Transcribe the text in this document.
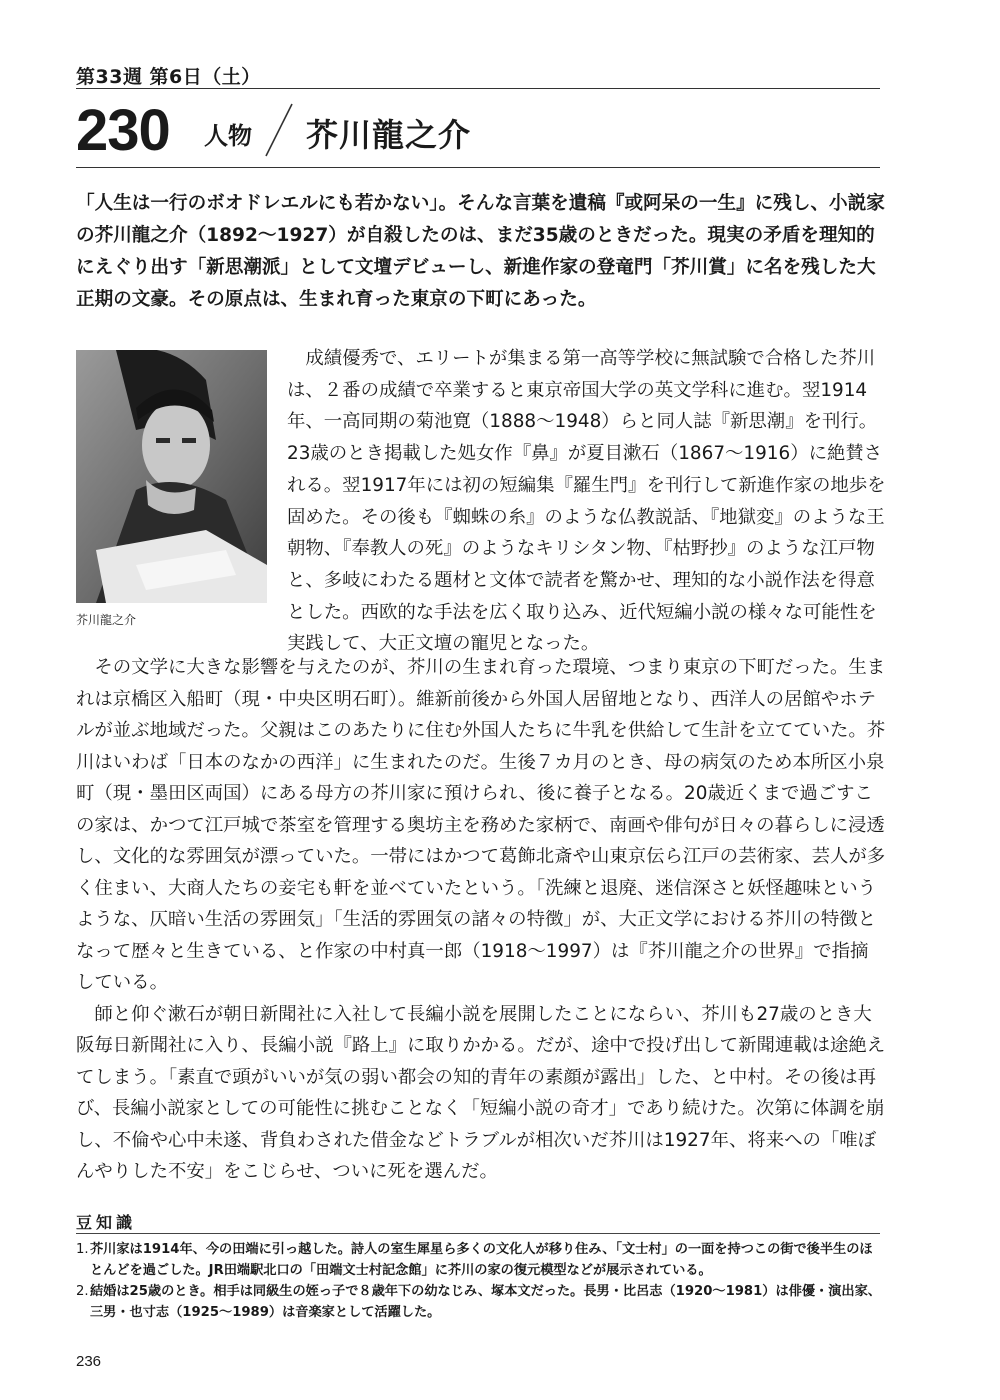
第33週 第6日（土）
230 人物 芥川龍之介
「人生は一行のボオドレエルにも若かない」。そんな言葉を遺稿『或阿呆の一生』に残し、小説家の芥川龍之介（1892〜1927）が自殺したのは、まだ35歳のときだった。現実の矛盾を理知的にえぐり出す「新思潮派」として文壇デビューし、新進作家の登竜門「芥川賞」に名を残した大正期の文豪。その原点は、生まれ育った東京の下町にあった。
芥川龍之介

成績優秀で、エリートが集まる第一高等学校に無試験で合格した芥川は、２番の成績で卒業すると東京帝国大学の英文学科に進む。翌1914年、一高同期の菊池寛（1888〜1948）らと同人誌『新思潮』を刊行。23歳のとき掲載した処女作『鼻』が夏目漱石（1867〜1916）に絶賛される。翌1917年には初の短編集『羅生門』を刊行して新進作家の地歩を固めた。その後も『蜘蛛の糸』のような仏教説話、『地獄変』のような王朝物、『奉教人の死』のようなキリシタン物、『枯野抄』のような江戸物と、多岐にわたる題材と文体で読者を驚かせ、理知的な小説作法を得意とした。西欧的な手法を広く取り込み、近代短編小説の様々な可能性を実践して、大正文壇の寵児となった。

その文学に大きな影響を与えたのが、芥川の生まれ育った環境、つまり東京の下町だった。生まれは京橋区入船町（現・中央区明石町）。維新前後から外国人居留地となり、西洋人の居館やホテルが並ぶ地域だった。父親はこのあたりに住む外国人たちに牛乳を供給して生計を立てていた。芥川はいわば「日本のなかの西洋」に生まれたのだ。生後７カ月のとき、母の病気のため本所区小泉町（現・墨田区両国）にある母方の芥川家に預けられ、後に養子となる。20歳近くまで過ごすこの家は、かつて江戸城で茶室を管理する奥坊主を務めた家柄で、南画や俳句が日々の暮らしに浸透し、文化的な雰囲気が漂っていた。一帯にはかつて葛飾北斎や山東京伝ら江戸の芸術家、芸人が多く住まい、大商人たちの妾宅も軒を並べていたという。「洗練と退廃、迷信深さと妖怪趣味というような、仄暗い生活の雰囲気」「生活的雰囲気の諸々の特徴」が、大正文学における芥川の特徴となって歴々と生きている、と作家の中村真一郎（1918〜1997）は『芥川龍之介の世界』で指摘している。

師と仰ぐ漱石が朝日新聞社に入社して長編小説を展開したことにならい、芥川も27歳のとき大阪毎日新聞社に入り、長編小説『路上』に取りかかる。だが、途中で投げ出して新聞連載は途絶えてしまう。「素直で頭がいいが気の弱い都会の知的青年の素顔が露出」した、と中村。その後は再び、長編小説家としての可能性に挑むことなく「短編小説の奇才」であり続けた。次第に体調を崩し、不倫や心中未遂、背負わされた借金などトラブルが相次いだ芥川は1927年、将来への「唯ぼんやりした不安」をこじらせ、ついに死を選んだ。

豆知識
1. 芥川家は1914年、今の田端に引っ越した。詩人の室生犀星ら多くの文化人が移り住み、「文士村」の一面を持つこの街で後半生のほとんどを過ごした。JR田端駅北口の「田端文士村記念館」に芥川の家の復元模型などが展示されている。
2. 結婚は25歳のとき。相手は同級生の姪っ子で８歳年下の幼なじみ、塚本文だった。長男・比呂志（1920〜1981）は俳優・演出家、三男・也寸志（1925〜1989）は音楽家として活躍した。
236
